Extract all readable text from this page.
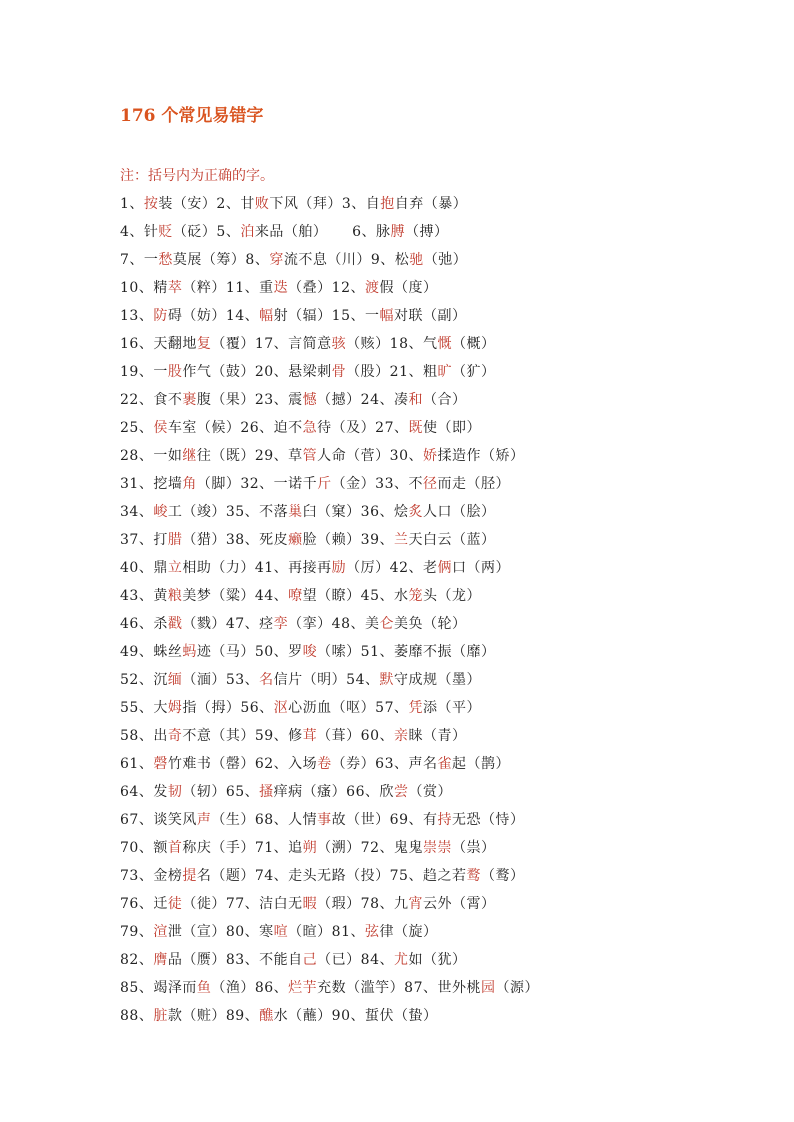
176 个常见易错字
注：括号内为正确的字。
1、按装（安）2、甘败下风（拜）3、自抱自弃（暴）
4、针贬（砭）5、泊来品（舶）     6、脉膊（搏）
7、一愁莫展（筹）8、穿流不息（川）9、松驰（弛）
10、精萃（粹）11、重迭（叠）12、渡假（度）
13、防碍（妨）14、幅射（辐）15、一幅对联（副）
16、天翻地复（覆）17、言简意骇（赅）18、气慨（概）
19、一股作气（鼓）20、悬梁刺骨（股）21、粗旷（犷）
22、食不裹腹（果）23、震憾（撼）24、凑和（合）
25、侯车室（候）26、迫不急待（及）27、既使（即）
28、一如继往（既）29、草管人命（菅）30、娇揉造作（矫）
31、挖墙角（脚）32、一诺千斤（金）33、不径而走（胫）
34、峻工（竣）35、不落巢臼（窠）36、烩炙人口（脍）
37、打腊（猎）38、死皮癞脸（赖）39、兰天白云（蓝）
40、鼎立相助（力）41、再接再励（厉）42、老俩口（两）
43、黄粮美梦（粱）44、嘹望（瞭）45、水笼头（龙）
46、杀戳（戮）47、痉孪（挛）48、美仑美奂（轮）
49、蛛丝蚂迹（马）50、罗唆（嗦）51、萎靡不振（靡）
52、沉缅（湎）53、名信片（明）54、默守成规（墨）
55、大姆指（拇）56、沤心沥血（呕）57、凭添（平）
58、出奇不意（其）59、修茸（葺）60、亲睐（青）
61、磬竹难书（罄）62、入场卷（券）63、声名雀起（鹊）
64、发韧（轫）65、搔痒病（瘙）66、欣尝（赏）
67、谈笑风声（生）68、人情事故（世）69、有持无恐（恃）
70、额首称庆（手）71、追朔（溯）72、鬼鬼崇崇（祟）
73、金榜提名（题）74、走头无路（投）75、趋之若鹜（鹜）
76、迁徒（徙）77、洁白无暇（瑕）78、九宵云外（霄）
79、渲泄（宣）80、寒喧（暄）81、弦律（旋）
82、膺品（赝）83、不能自己（已）84、尤如（犹）
85、竭泽而鱼（渔）86、烂芋充数（滥竽）87、世外桃园（源）
88、脏款（赃）89、醮水（蘸）90、蜇伏（蛰）
